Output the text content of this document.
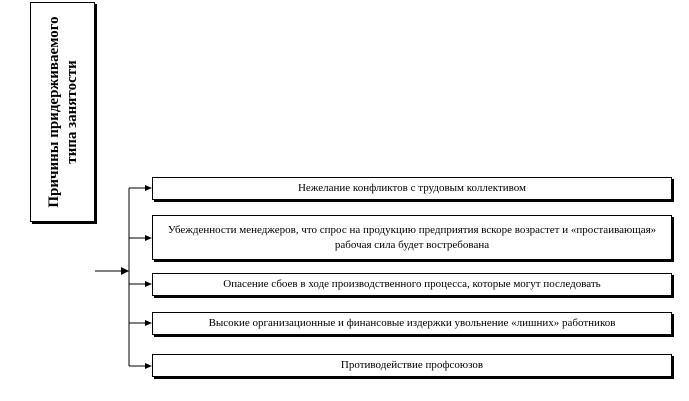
Причины придерживаемого типа занятости
Нежелание конфликтов с трудовым коллективом
Убежденности менеджеров, что спрос на продукцию предприятия вскоре возрастет и «простаивающая» рабочая сила будет востребована
Опасение сбоев в ходе производственного процесса, которые могут последовать
Высокие организационные и финансовые издержки увольнение «лишних» работников
Противодействие профсоюзов
